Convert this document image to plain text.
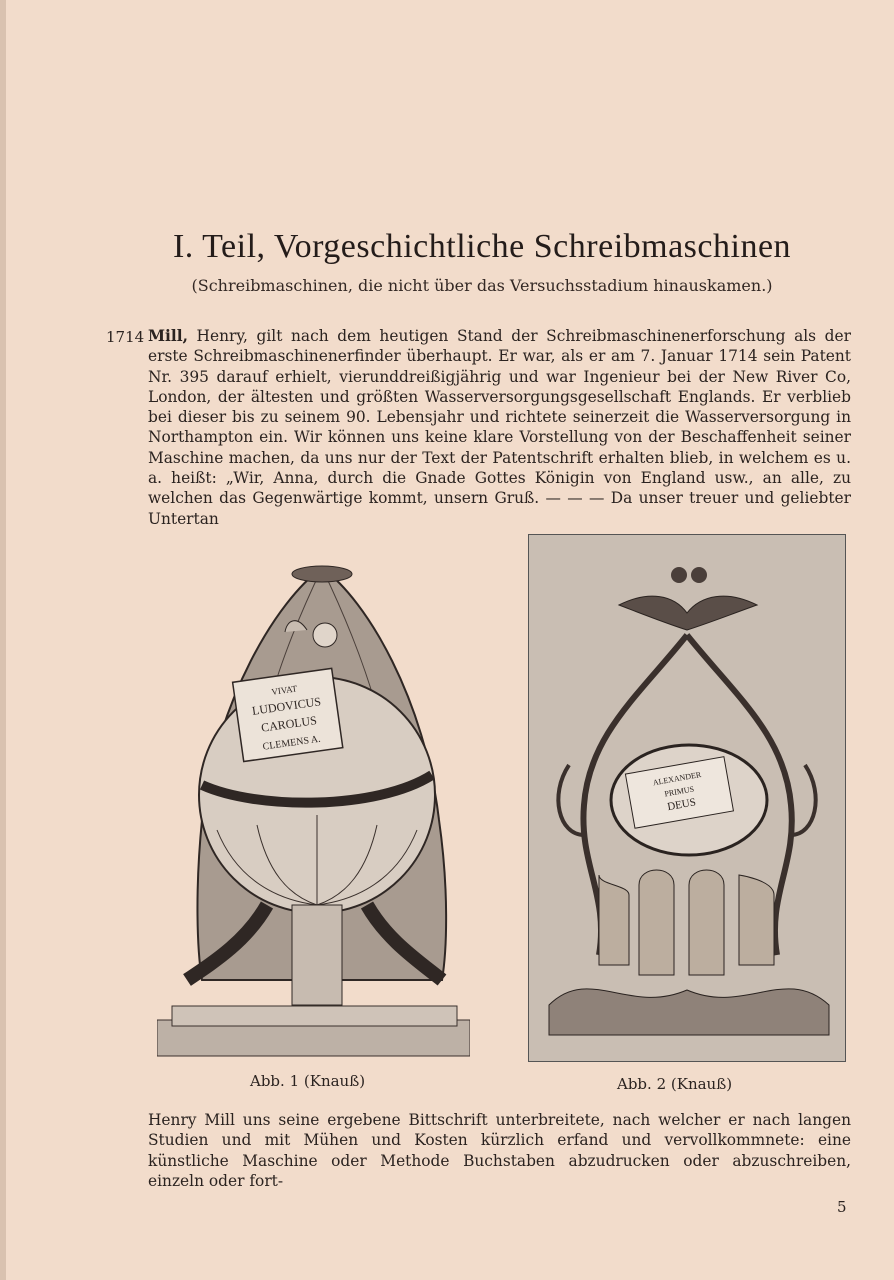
I. Teil, Vorgeschichtliche Schreibmaschinen
(Schreibmaschinen, die nicht über das Versuchsstadium hinauskamen.)
1714 Mill, Henry, gilt nach dem heutigen Stand der Schreibmaschinenerforschung als der erste Schreibmaschinenerfinder überhaupt. Er war, als er am 7. Januar 1714 sein Patent Nr. 395 darauf erhielt, vierunddreißigjährig und war Ingenieur bei der New River Co, London, der ältesten und größten Wasserversorgungsgesellschaft Englands. Er verblieb bei dieser bis zu seinem 90. Lebensjahr und richtete seinerzeit die Wasserversorgung in Northampton ein. Wir können uns keine klare Vorstellung von der Beschaffenheit seiner Maschine machen, da uns nur der Text der Patentschrift erhalten blieb, in welchem es u. a. heißt: „Wir, Anna, durch die Gnade Gottes Königin von England usw., an alle, zu welchen das Gegenwärtige kommt, unsern Gruß. — — — Da unser treuer und geliebter Untertan

VIVAT
LUDOVICUS
CAROLUS
CLEMENS A.
ALEXANDER
PRIMUS
DEUS
Abb. 1 (Knauß)	Abb. 2 (Knauß)

Henry Mill uns seine ergebene Bittschrift unterbreitete, nach welcher er nach langen Studien und mit Mühen und Kosten kürzlich erfand und vervollkommnete: eine künstliche Maschine oder Methode Buchstaben abzudrucken oder abzuschreiben, einzeln oder fort-

5
